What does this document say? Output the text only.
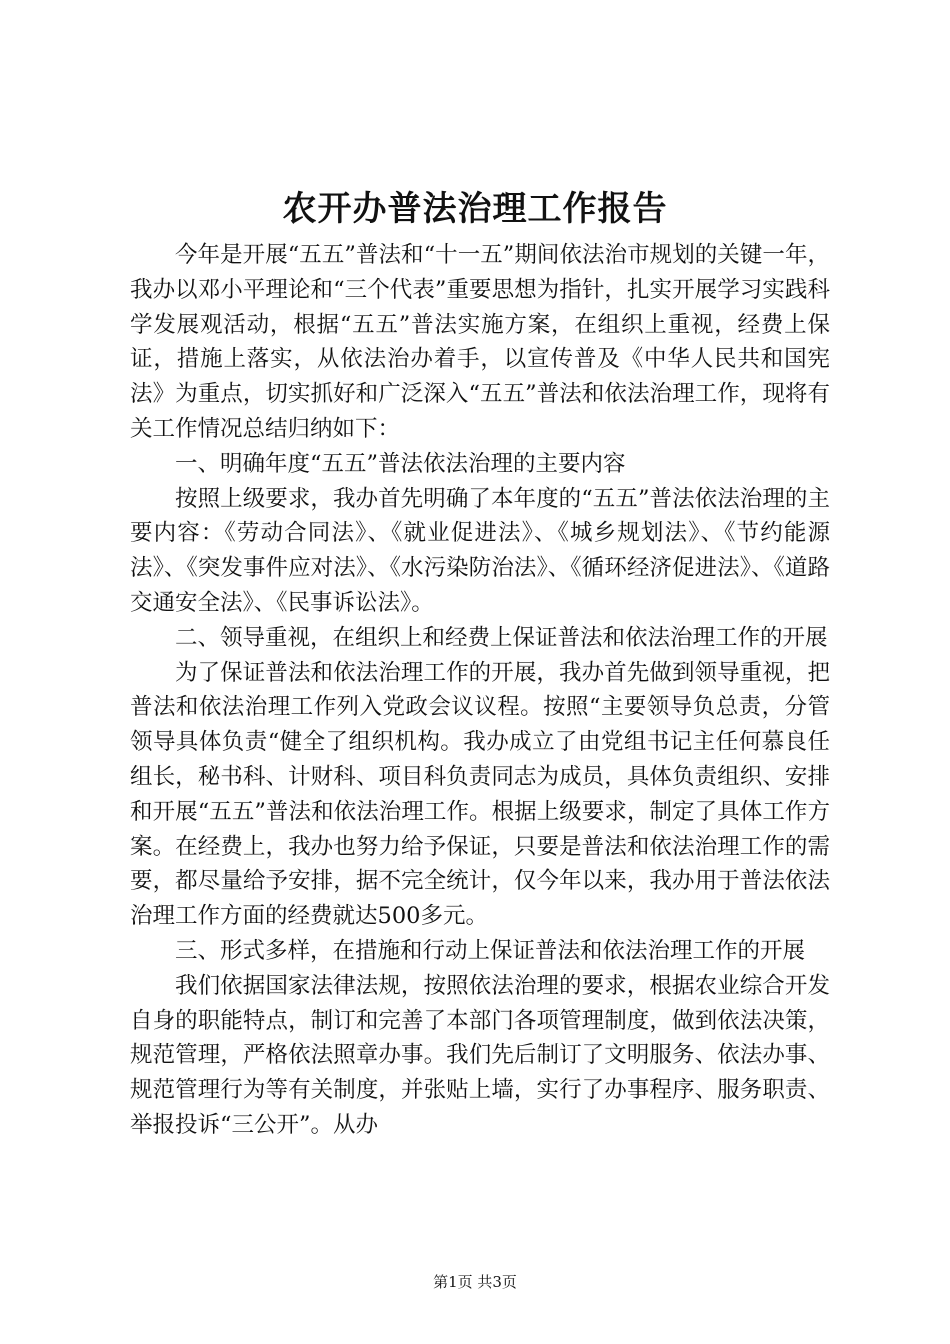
农开办普法治理工作报告

今年是开展“五五”普法和“十一五”期间依法治市规划的关键一年，我办以邓小平理论和“三个代表”重要思想为指针，扎实开展学习实践科学发展观活动，根据“五五”普法实施方案，在组织上重视，经费上保证，措施上落实，从依法治办着手，以宣传普及《中华人民共和国宪法》为重点，切实抓好和广泛深入“五五”普法和依法治理工作，现将有关工作情况总结归纳如下：

一、明确年度“五五”普法依法治理的主要内容

按照上级要求，我办首先明确了本年度的“五五”普法依法治理的主要内容：《劳动合同法》、《就业促进法》、《城乡规划法》、《节约能源法》、《突发事件应对法》、《水污染防治法》、《循环经济促进法》、《道路交通安全法》、《民事诉讼法》。

二、领导重视，在组织上和经费上保证普法和依法治理工作的开展

为了保证普法和依法治理工作的开展，我办首先做到领导重视，把普法和依法治理工作列入党政会议议程。按照“主要领导负总责，分管领导具体负责“健全了组织机构。我办成立了由党组书记主任何慕良任组长，秘书科、计财科、项目科负责同志为成员，具体负责组织、安排和开展“五五”普法和依法治理工作。根据上级要求，制定了具体工作方案。在经费上，我办也努力给予保证，只要是普法和依法治理工作的需要，都尽量给予安排，据不完全统计，仅今年以来，我办用于普法依法治理工作方面的经费就达500多元。

三、形式多样，在措施和行动上保证普法和依法治理工作的开展

我们依据国家法律法规，按照依法治理的要求，根据农业综合开发自身的职能特点，制订和完善了本部门各项管理制度，做到依法决策，规范管理，严格依法照章办事。我们先后制订了文明服务、依法办事、规范管理行为等有关制度，并张贴上墙，实行了办事程序、服务职责、举报投诉“三公开”。从办

第1页 共3页
